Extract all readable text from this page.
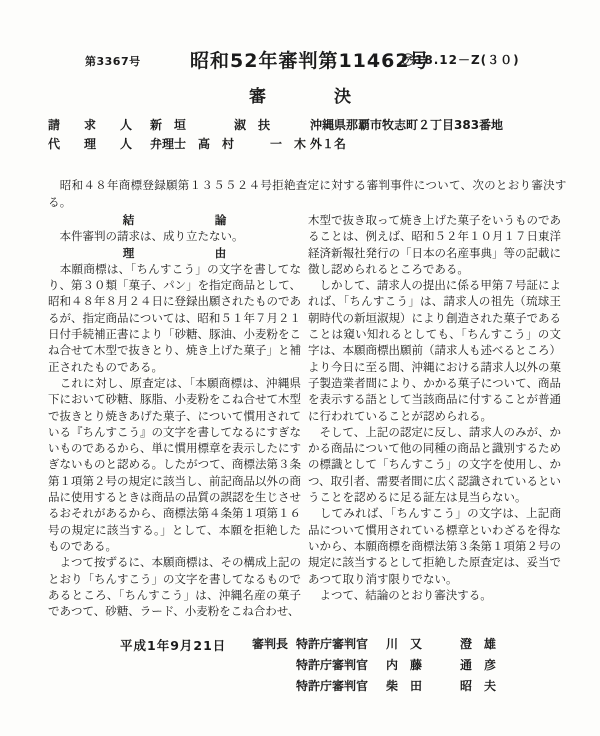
第3367号	昭和52年審判第11462号
㋐18.12－Z(３０)
審　　　　決
請　　求　　人	新　垣　　　　淑　扶	沖縄県那覇市牧志町２丁目383番地
代　　理　　人	弁理士　高　村　　　一　木 外１名
　昭和４８年商標登録願第１３５５２４号拒絶査定に対する審判事件について、次のとおり審決する。
結　　　　　　　論
　本件審判の請求は、成り立たない。
理　　　　　　　由
　本願商標は、「ちんすこう」の文字を書してなり、第３０類「菓子、パン」を指定商品として、昭和４８年８月２４日に登録出願されたものであるが、指定商品については、昭和５１年７月２１日付手続補正書により「砂糖、豚油、小麦粉をこね合せて木型で抜きとり、焼き上げた菓子」と補正されたものである。
　これに対し、原査定は、「本願商標は、沖縄県下において砂糖、豚脂、小麦粉をこね合せて木型で抜きとり焼きあげた菓子、について慣用されている『ちんすこう』の文字を書してなるにすぎないものであるから、単に慣用標章を表示したにすぎないものと認める。したがつて、商標法第３条第１項第２号の規定に該当し、前記商品以外の商品に使用するときは商品の品質の誤認を生じさせるおそれがあるから、商標法第４条第１項第１６号の規定に該当する。」として、本願を拒絶したものである。
　よつて按ずるに、本願商標は、その構成上記のとおり「ちんすこう」の文字を書してなるものであるところ、「ちんすこう」は、沖縄名産の菓子であつて、砂糖、ラード、小麦粉をこね合わせ、
木型で抜き取って焼き上げた菓子をいうものであることは、例えば、昭和５２年１０月１７日東洋経済新報社発行の「日本の名産事典」等の記載に徴し認められるところである。
　しかして、請求人の提出に係る甲第７号証によれば、「ちんすこう」は、請求人の祖先（琉球王朝時代の新垣淑規）により創造された菓子であることは窺い知れるとしても、「ちんすこう」の文字は、本願商標出願前（請求人も述べるところ）より今日に至る間、沖縄における請求人以外の菓子製造業者間により、かかる菓子について、商品を表示する語として当該商品に付することが普通に行われていることが認められる。
　そして、上記の認定に反し、請求人のみが、かかる商品について他の同種の商品と識別するための標識として「ちんすこう」の文字を使用し、かつ、取引者、需要者間に広く認識されているということを認めるに足る証左は見当らない。
　してみれば、「ちんすこう」の文字は、上記商品について慣用されている標章といわざるを得ないから、本願商標を商標法第３条第１項第２号の規定に該当するとして拒絶した原査定は、妥当であつて取り消す限りでない。
　よつて、結論のとおり審決する。
平成1年9月21日 審判長 特許庁審判官	川　又	澄　雄
特許庁審判官	内　藤	通　彦
特許庁審判官	柴　田	昭　夫
